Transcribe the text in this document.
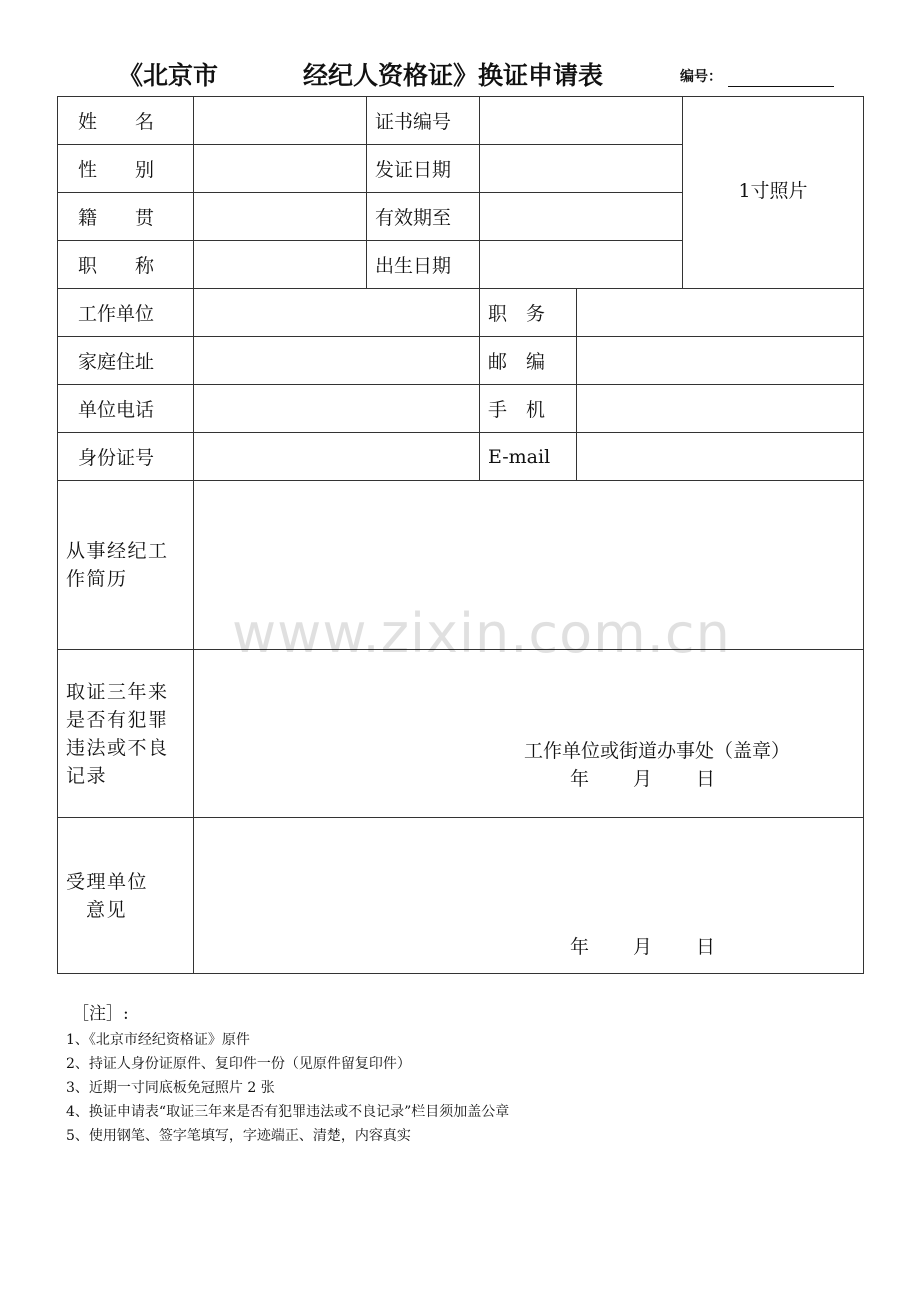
《北京市	经纪人资格证》换证申请表	编号：
姓　　名		证书编号			1寸照片
性　　别		发证日期			
籍　　贯		有效期至			
职　　称		出生日期			
工作单位			职　务		
家庭住址			邮　编		
单位电话			手　机		
身份证号			E-mail		
从事经纪工作简历					

取证三年来是否有犯罪违法或不良记录	工作单位或街道办事处（盖章）
年 月 日				

受理单位
意见	年 月 日				
www.zixin.com.cn
［注］:
1、《北京市经纪资格证》原件
2、持证人身份证原件、复印件一份（见原件留复印件）
3、近期一寸同底板免冠照片 2 张
4、换证申请表“取证三年来是否有犯罪违法或不良记录”栏目须加盖公章
5、使用钢笔、签字笔填写，字迹端正、清楚，内容真实
